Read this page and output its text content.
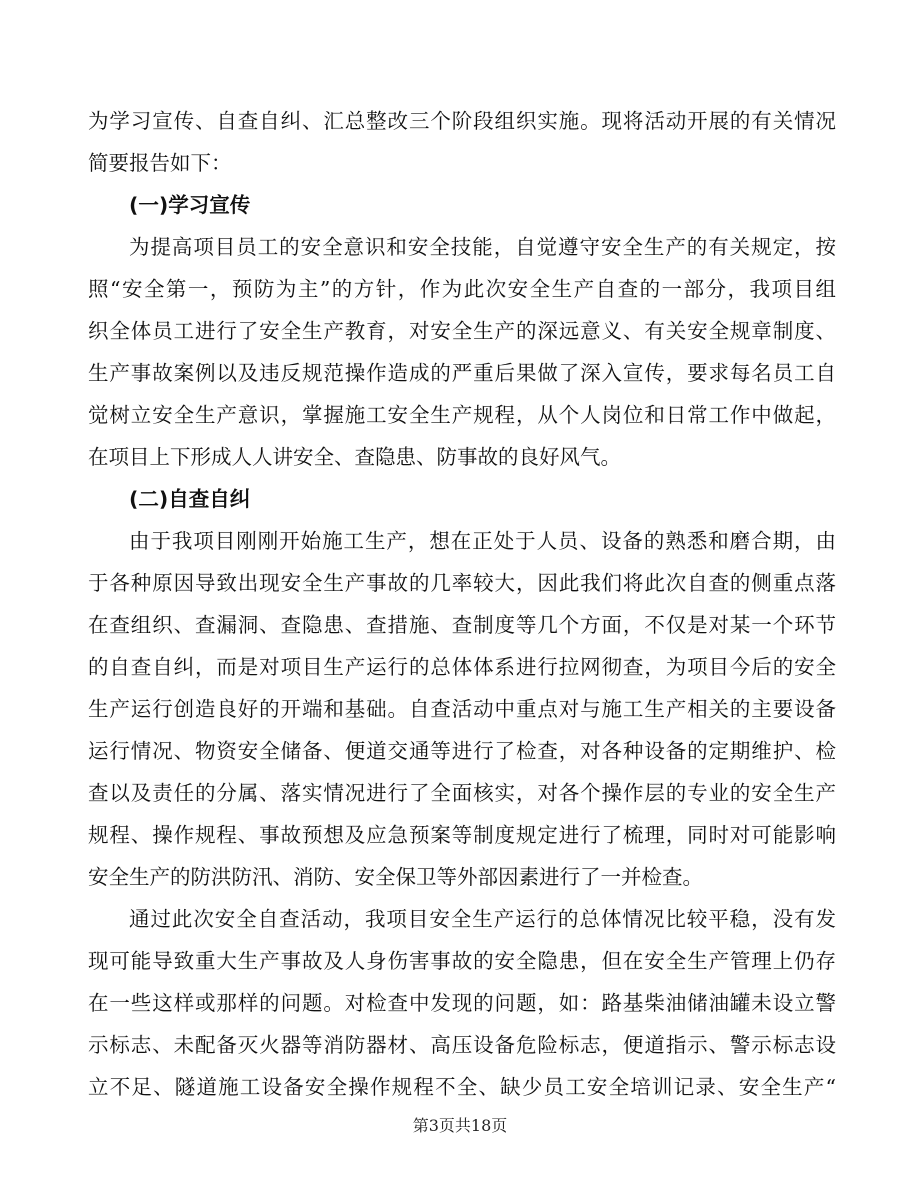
为学习宣传、自查自纠、汇总整改三个阶段组织实施。现将活动开展的有关情况
简要报告如下：
(一)学习宣传
为提高项目员工的安全意识和安全技能，自觉遵守安全生产的有关规定，按
照“安全第一，预防为主”的方针，作为此次安全生产自查的一部分，我项目组
织全体员工进行了安全生产教育，对安全生产的深远意义、有关安全规章制度、
生产事故案例以及违反规范操作造成的严重后果做了深入宣传，要求每名员工自
觉树立安全生产意识，掌握施工安全生产规程，从个人岗位和日常工作中做起，
在项目上下形成人人讲安全、查隐患、防事故的良好风气。
(二)自查自纠
由于我项目刚刚开始施工生产，想在正处于人员、设备的熟悉和磨合期，由
于各种原因导致出现安全生产事故的几率较大，因此我们将此次自查的侧重点落
在查组织、查漏洞、查隐患、查措施、查制度等几个方面，不仅是对某一个环节
的自查自纠，而是对项目生产运行的总体体系进行拉网彻查，为项目今后的安全
生产运行创造良好的开端和基础。自查活动中重点对与施工生产相关的主要设备
运行情况、物资安全储备、便道交通等进行了检查，对各种设备的定期维护、检
查以及责任的分属、落实情况进行了全面核实，对各个操作层的专业的安全生产
规程、操作规程、事故预想及应急预案等制度规定进行了梳理，同时对可能影响
安全生产的防洪防汛、消防、安全保卫等外部因素进行了一并检查。
通过此次安全自查活动，我项目安全生产运行的总体情况比较平稳，没有发
现可能导致重大生产事故及人身伤害事故的安全隐患，但在安全生产管理上仍存
在一些这样或那样的问题。对检查中发现的问题，如：路基柴油储油罐未设立警
示标志、未配备灭火器等消防器材、高压设备危险标志，便道指示、警示标志设
立不足、隧道施工设备安全操作规程不全、缺少员工安全培训记录、安全生产“
第3页共18页
